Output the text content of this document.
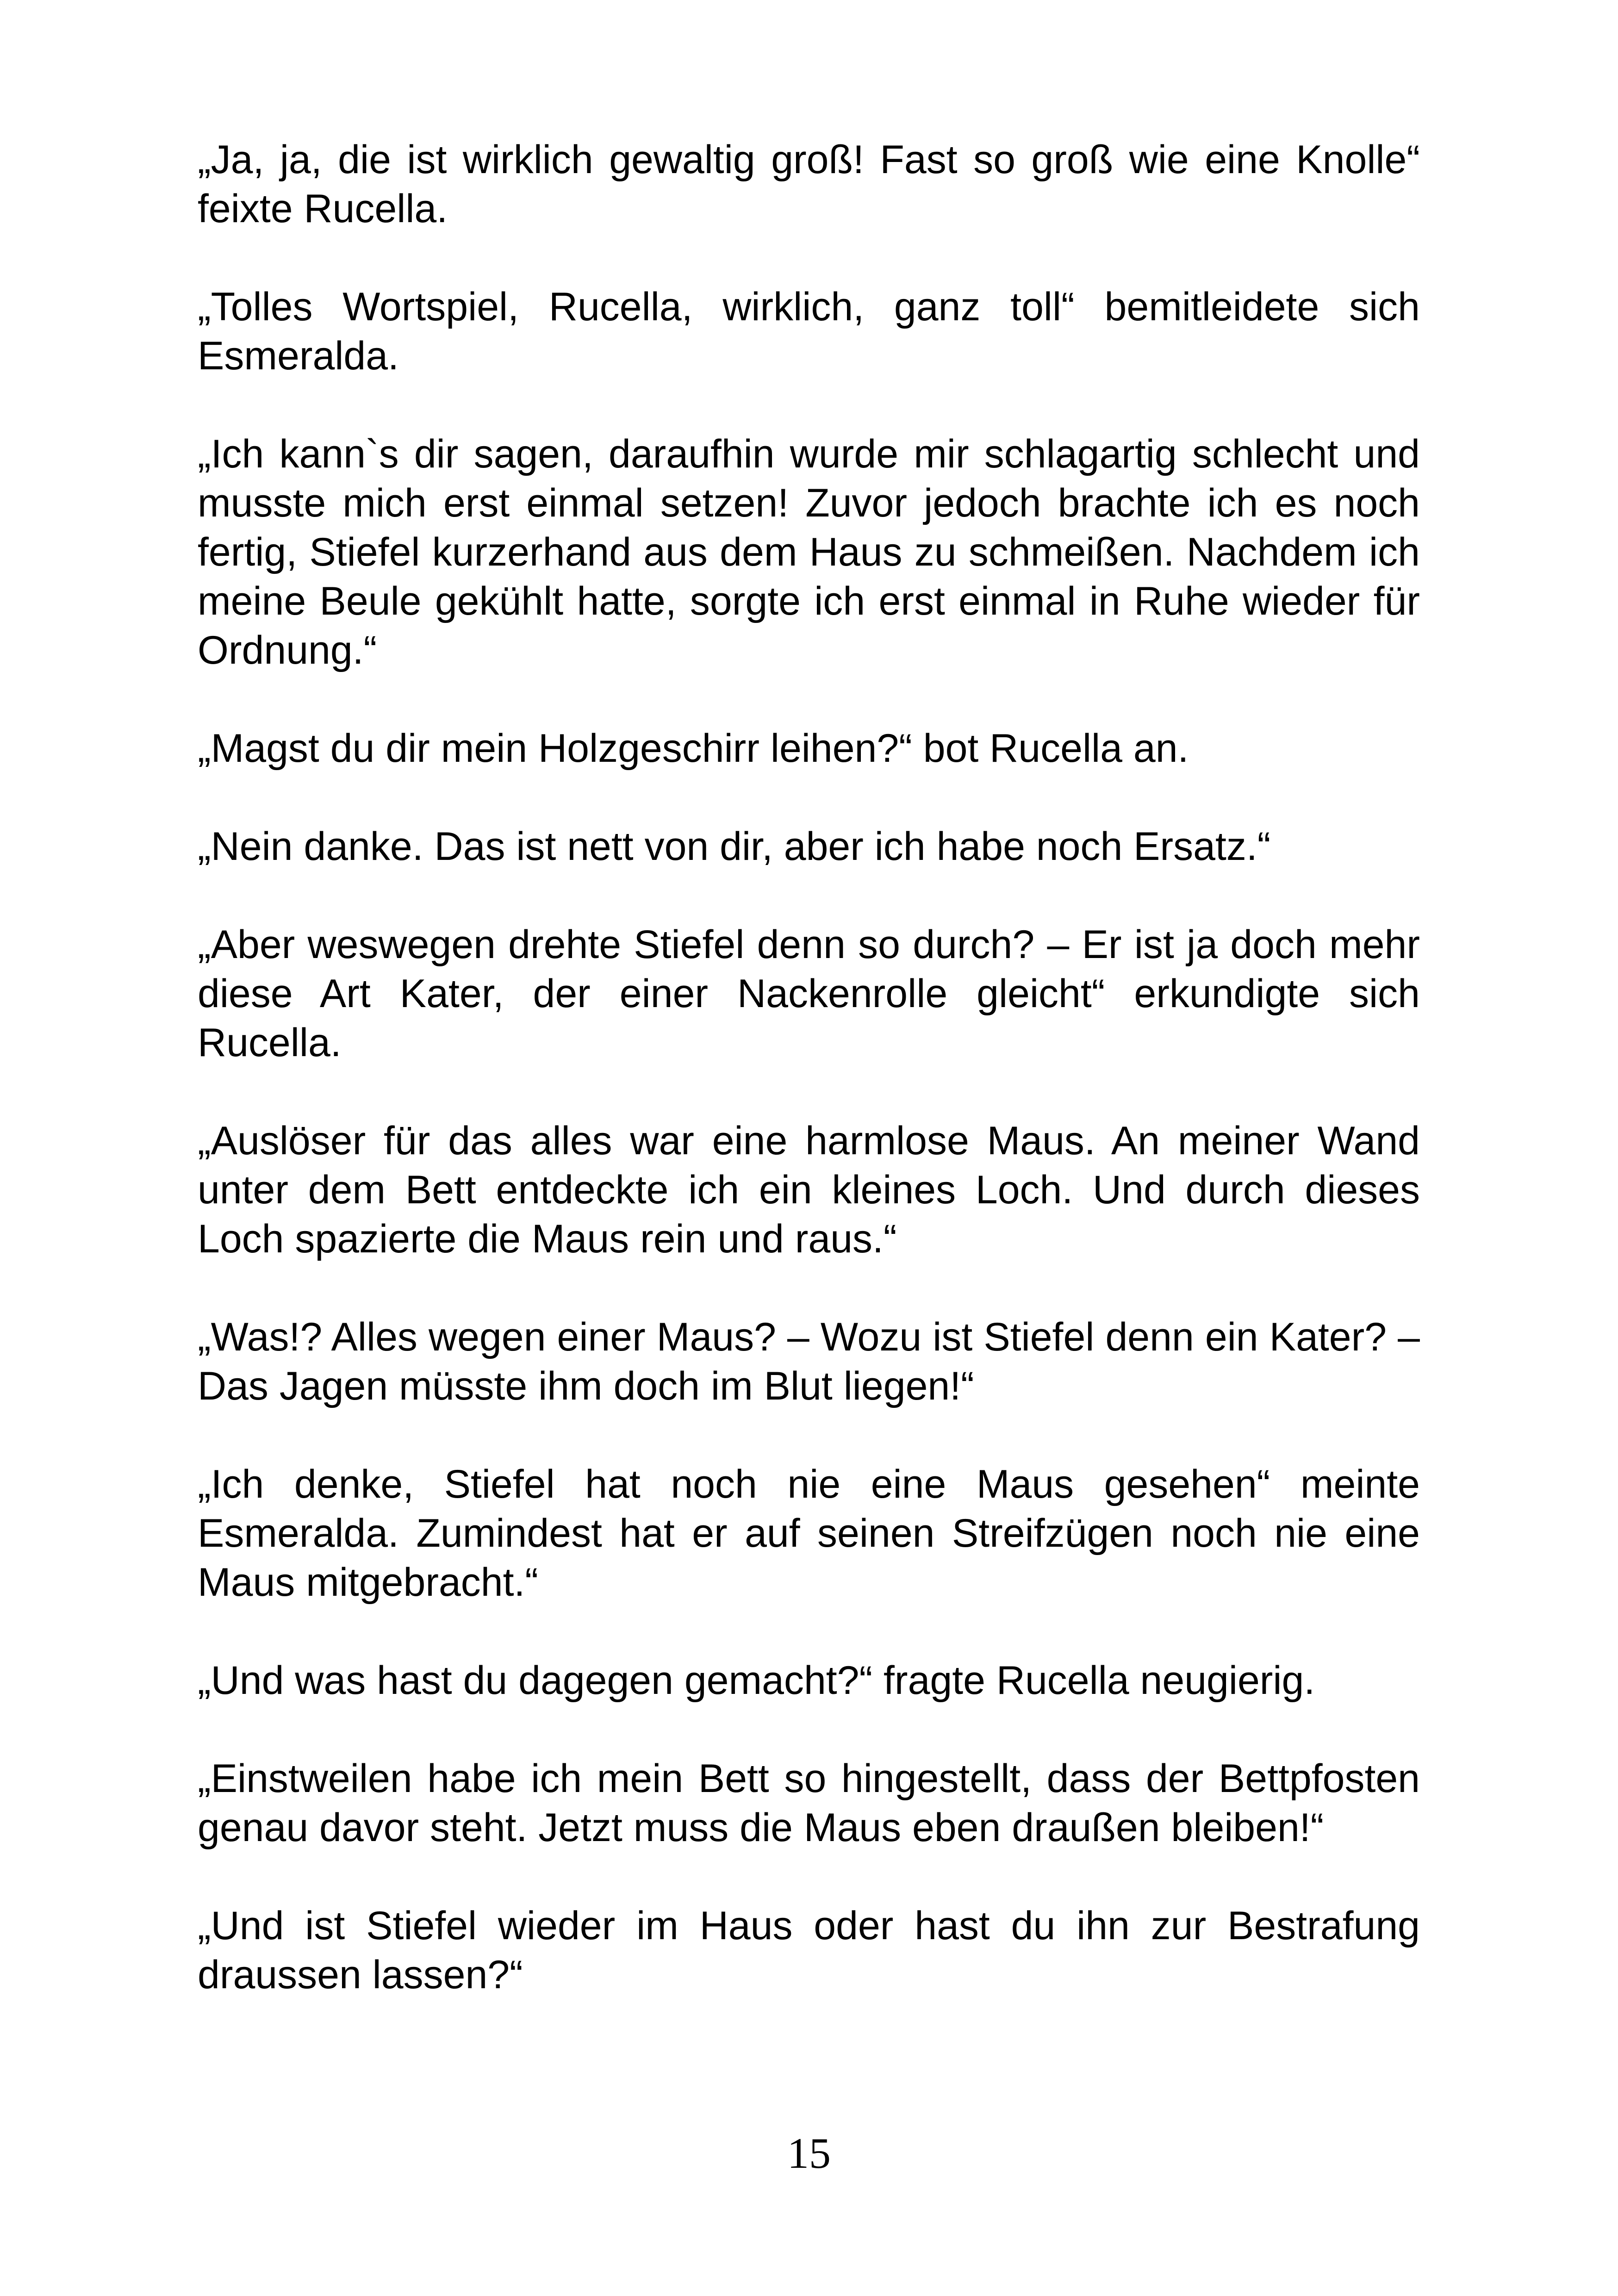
„Ja, ja, die ist wirklich gewaltig groß! Fast so groß wie eine Knolle“ feixte Rucella.

„Tolles Wortspiel, Rucella, wirklich, ganz toll“ bemitleidete sich Esmeralda.

„Ich kann`s dir sagen, daraufhin wurde mir schlagartig schlecht und musste mich erst einmal setzen! Zuvor jedoch brachte ich es noch fertig, Stiefel kurzerhand aus dem Haus zu schmeißen. Nachdem ich meine Beule gekühlt hatte, sorgte ich erst einmal in Ruhe wieder für Ordnung.“

„Magst du dir mein Holzgeschirr leihen?“ bot Rucella an.

„Nein danke. Das ist nett von dir, aber ich habe noch Ersatz.“

„Aber weswegen drehte Stiefel denn so durch? – Er ist ja doch mehr diese Art Kater, der einer Nackenrolle gleicht“ erkundigte sich Rucella.

„Auslöser für das alles war eine harmlose Maus. An meiner Wand unter dem Bett entdeckte ich ein kleines Loch. Und durch dieses Loch spazierte die Maus rein und raus.“

„Was!? Alles wegen einer Maus? – Wozu ist Stiefel denn ein Kater? – Das Jagen müsste ihm doch im Blut liegen!“

„Ich denke, Stiefel hat noch nie eine Maus gesehen“ meinte Esmeralda. Zumindest hat er auf seinen Streifzügen noch nie eine Maus mitgebracht.“

„Und was hast du dagegen gemacht?“ fragte Rucella neugierig.

„Einstweilen habe ich mein Bett so hingestellt, dass der Bettpfosten genau davor steht. Jetzt muss die Maus eben draußen bleiben!“

„Und ist Stiefel wieder im Haus oder hast du ihn zur Bestrafung draussen lassen?“

15
